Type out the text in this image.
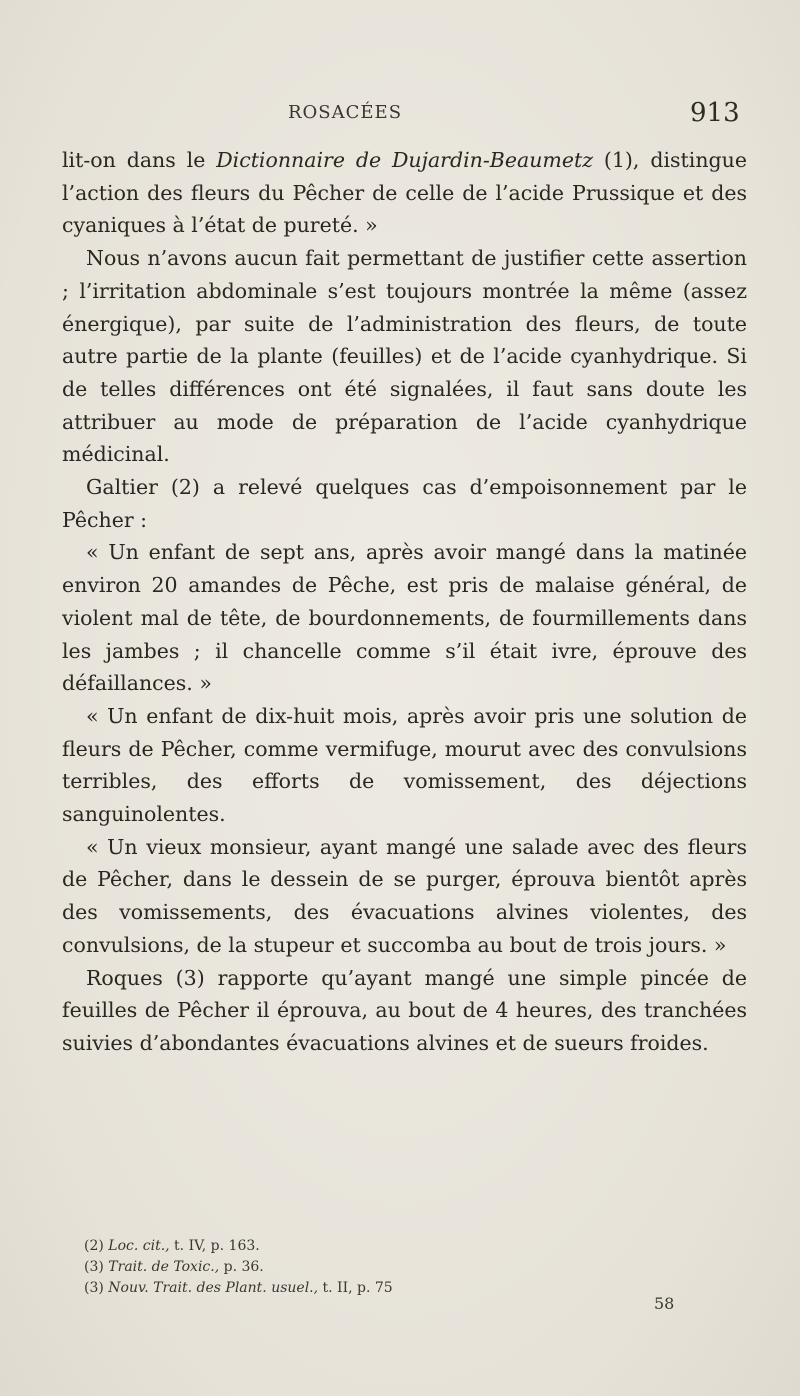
ROSACÉES	913

lit-on dans le Dictionnaire de Dujardin-Beaumetz (1), distingue l’action des fleurs du Pêcher de celle de l’acide Prussique et des cyaniques à l’état de pureté. »

Nous n’avons aucun fait permettant de justifier cette assertion ; l’irritation abdominale s’est toujours montrée la même (assez énergique), par suite de l’administration des fleurs, de toute autre partie de la plante (feuilles) et de l’acide cyanhydrique. Si de telles différences ont été signalées, il faut sans doute les attribuer au mode de préparation de l’acide cyanhydrique médicinal.

Galtier (2) a relevé quelques cas d’empoisonnement par le Pêcher :

« Un enfant de sept ans, après avoir mangé dans la matinée environ 20 amandes de Pêche, est pris de malaise général, de violent mal de tête, de bourdonnements, de fourmillements dans les jambes ; il chancelle comme s’il était ivre, éprouve des défaillances. »

« Un enfant de dix-huit mois, après avoir pris une solution de fleurs de Pêcher, comme vermifuge, mourut avec des convulsions terribles, des efforts de vomissement, des déjections sanguinolentes.

« Un vieux monsieur, ayant mangé une salade avec des fleurs de Pêcher, dans le dessein de se purger, éprouva bientôt après des vomissements, des évacuations alvines violentes, des convulsions, de la stupeur et succomba au bout de trois jours. »

Roques (3) rapporte qu’ayant mangé une simple pincée de feuilles de Pêcher il éprouva, au bout de 4 heures, des tranchées suivies d’abondantes évacuations alvines et de sueurs froides.

(2) Loc. cit., t. IV, p. 163.
(3) Trait. de Toxic., p. 36.
(3) Nouv. Trait. des Plant. usuel., t. II, p. 75
58
